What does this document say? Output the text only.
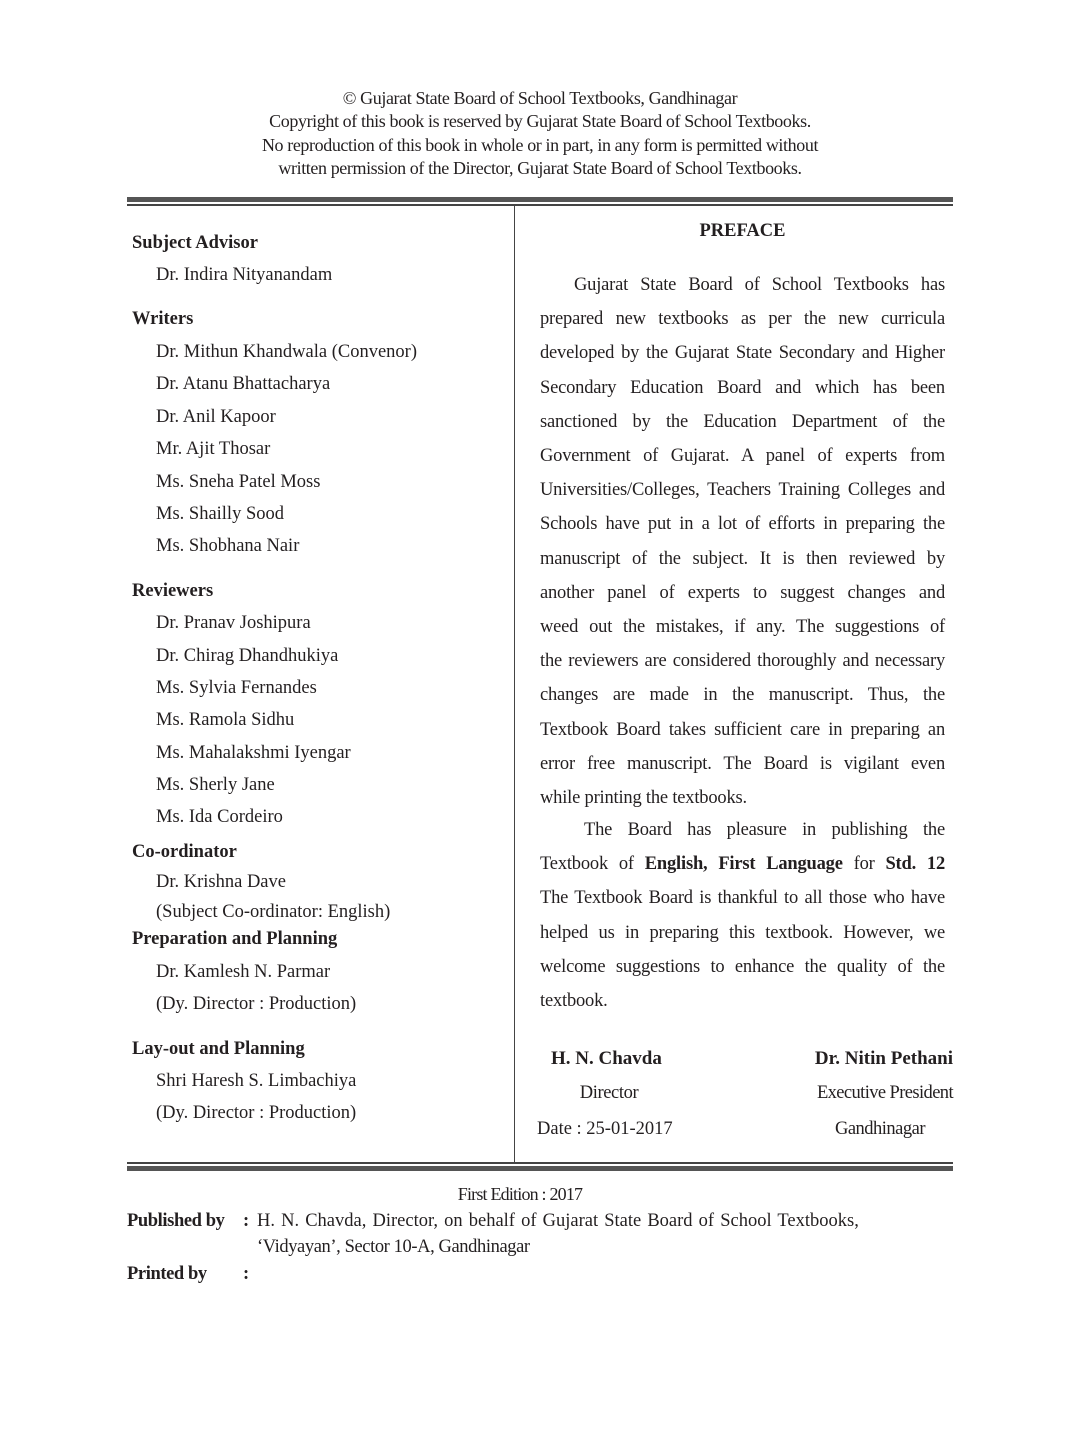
© Gujarat State Board of School Textbooks, Gandhinagar
Copyright of this book is reserved by Gujarat State Board of School Textbooks.
No reproduction of this book in whole or in part, in any form is permitted without
written permission of the Director, Gujarat State Board of School Textbooks.
Subject Advisor
Dr. Indira Nityanandam
Writers
Dr. Mithun Khandwala (Convenor)
Dr. Atanu Bhattacharya
Dr. Anil Kapoor
Mr. Ajit Thosar
Ms. Sneha Patel Moss
Ms. Shailly Sood
Ms. Shobhana Nair
Reviewers
Dr. Pranav Joshipura
Dr. Chirag Dhandhukiya
Ms. Sylvia Fernandes
Ms. Ramola Sidhu
Ms. Mahalakshmi Iyengar
Ms. Sherly Jane
Ms. Ida Cordeiro
Co-ordinator
Dr. Krishna Dave
(Subject Co-ordinator: English)
Preparation and Planning
Dr. Kamlesh N. Parmar
(Dy. Director : Production)
Lay-out and Planning
Shri Haresh S. Limbachiya
(Dy. Director : Production)
PREFACE
Gujarat State Board of School Textbooks has
prepared new textbooks as per the new curricula
developed by the Gujarat State Secondary and Higher
Secondary Education Board and which has been
sanctioned by the Education Department of the
Government of Gujarat. A panel of experts from
Universities/Colleges, Teachers Training Colleges and
Schools have put in a lot of efforts in preparing the
manuscript of the subject. It is then reviewed by
another panel of experts to suggest changes and
weed out the mistakes, if any. The suggestions of
the reviewers are considered thoroughly and necessary
changes are made in the manuscript. Thus, the
Textbook Board takes sufficient care in preparing an
error free manuscript. The Board is vigilant even
while printing the textbooks.
The Board has pleasure in publishing the
Textbook of English, First Language for Std. 12
The Textbook Board is thankful to all those who have
helped us in preparing this textbook. However, we
welcome suggestions to enhance the quality of the
textbook.
H. N. Chavda
Director
Date : 25-01-2017
Dr. Nitin Pethani
Executive President
Gandhinagar
First Edition : 2017
Published by : H. N. Chavda, Director, on behalf of Gujarat State Board of School Textbooks,
‘Vidyayan’, Sector 10-A, Gandhinagar
Printed by :
